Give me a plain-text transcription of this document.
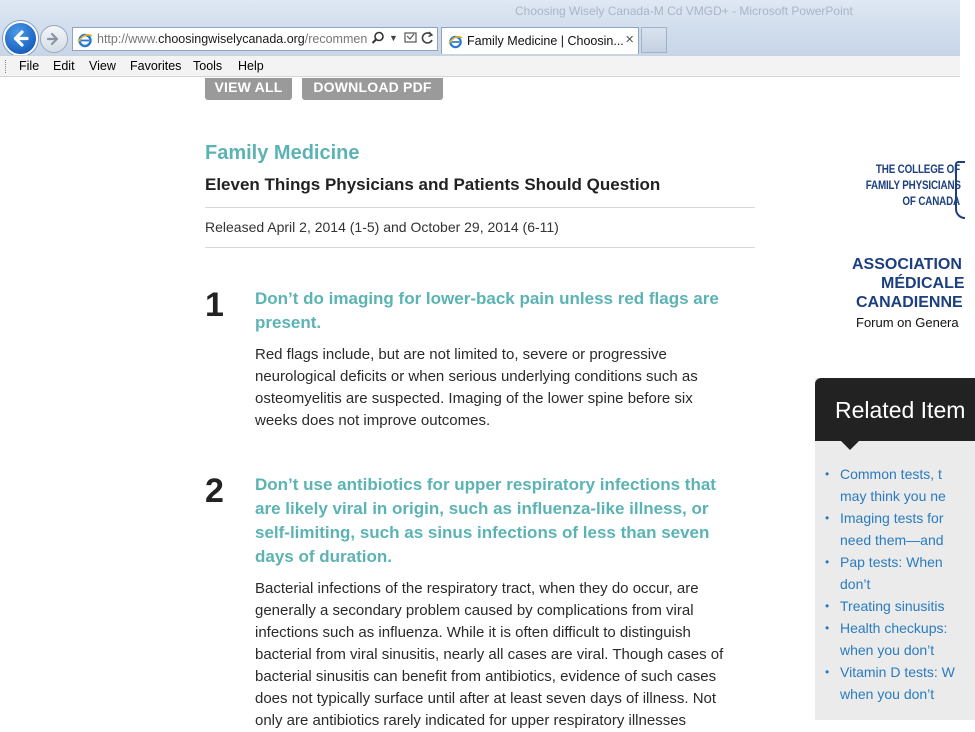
Choosing Wisely Canada-M Cd VMGD+ - Microsoft PowerPoint
http://www.choosingwiselycanada.org/recommen ▼	Family Medicine | Choosin... ×
File Edit View Favorites Tools Help
VIEW ALL	DOWNLOAD PDF
Family Medicine
Eleven Things Physicians and Patients Should Question
Released April 2, 2014 (1-5) and October 29, 2014 (6-11)
1 Don’t do imaging for lower-back pain unless red flags are
present.
Red flags include, but are not limited to, severe or progressive
neurological deficits or when serious underlying conditions such as
osteomyelitis are suspected. Imaging of the lower spine before six
weeks does not improve outcomes.
2 Don’t use antibiotics for upper respiratory infections that
are likely viral in origin, such as influenza-like illness, or
self-limiting, such as sinus infections of less than seven
days of duration.
Bacterial infections of the respiratory tract, when they do occur, are
generally a secondary problem caused by complications from viral
infections such as influenza. While it is often difficult to distinguish
bacterial from viral sinusitis, nearly all cases are viral. Though cases of
bacterial sinusitis can benefit from antibiotics, evidence of such cases
does not typically surface until after at least seven days of illness. Not
only are antibiotics rarely indicated for upper respiratory illnesses
THE COLLEGE OF
FAMILY PHYSICIANS
OF CANADA
ASSOCIATION
MÉDICALE
CANADIENNE
Forum on Genera
Related Item
• Common tests, t
may think you ne
• Imaging tests for
need them—and
• Pap tests: When
don’t
• Treating sinusitis
• Health checkups:
when you don’t
• Vitamin D tests: W
when you don’t
